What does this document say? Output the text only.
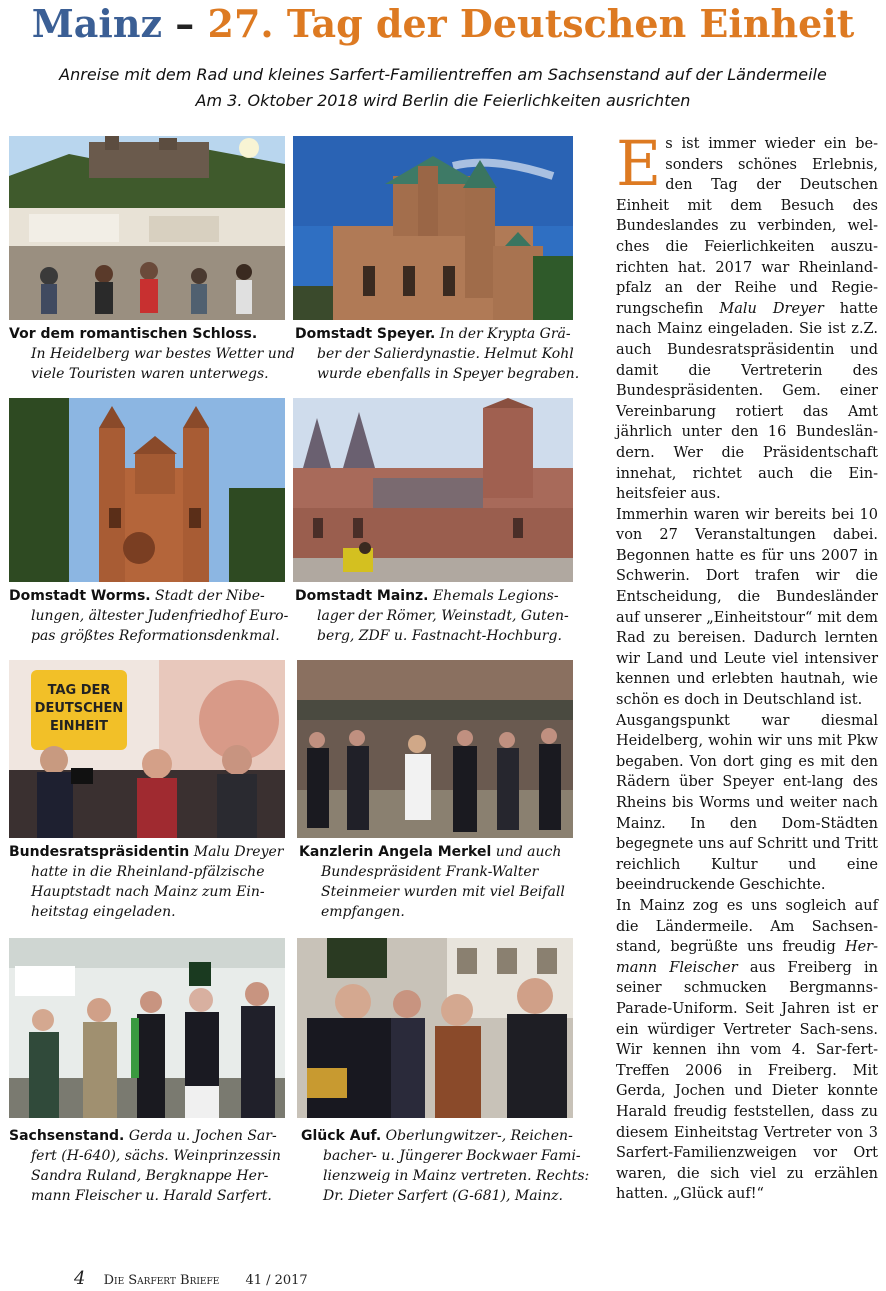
Mainz – 27. Tag der Deutschen Einheit
Anreise mit dem Rad und kleines Sarfert-Familientreffen am Sachsenstand auf der Ländermeile
Am 3. Oktober 2018 wird Berlin die Feierlichkeiten ausrichten
Vor dem romantischen Schloss.
In Heidelberg war bestes Wetter und
viele Touristen waren unterwegs.
Domstadt Speyer. In der Krypta Grä-
ber der Salierdynastie. Helmut Kohl
wurde ebenfalls in Speyer begraben.
Domstadt Worms. Stadt der Nibe-
lungen, ältester Judenfriedhof Euro-
pas größtes Reformationsdenkmal.
Domstadt Mainz. Ehemals Legions-
lager der Römer, Weinstadt, Guten-
berg, ZDF u. Fastnacht-Hochburg.
TAG DER
DEUTSCHEN
EINHEIT
Bundesratspräsidentin Malu Dreyer
hatte in die Rheinland-pfälzische
Hauptstadt nach Mainz zum Ein-
heitstag eingeladen.
Kanzlerin Angela Merkel und auch
Bundespräsident Frank-Walter
Steinmeier wurden mit viel Beifall
empfangen.
Sachsenstand. Gerda u. Jochen Sar-
fert (H-640), sächs. Weinprinzessin
Sandra Ruland, Bergknappe Her-
mann Fleischer u. Harald Sarfert.
Glück Auf. Oberlungwitzer-, Reichen-
bacher- u. Jüngerer Bockwaer Fami-
lienzweig in Mainz vertreten. Rechts:
Dr. Dieter Sarfert (G-681), Mainz.

Es ist immer wieder ein be-sonders schönes Erlebnis, den Tag der Deutschen Einheit mit dem Besuch des Bundeslandes zu verbinden, wel-ches die Feierlichkeiten auszu-richten hat. 2017 war Rheinland-pfalz an der Reihe und Regie-rungschefin Malu Dreyer hatte nach Mainz eingeladen. Sie ist z.Z. auch Bundesratspräsidentin und damit die Vertreterin des Bundespräsidenten. Gem. einer Vereinbarung rotiert das Amt jährlich unter den 16 Bundeslän-dern. Wer die Präsidentschaft innehat, richtet auch die Ein-heitsfeier aus.

Immerhin waren wir bereits bei 10 von 27 Veranstaltungen dabei. Begonnen hatte es für uns 2007 in Schwerin. Dort trafen wir die Entscheidung, die Bundesländer auf unserer „Einheitstour“ mit dem Rad zu bereisen. Dadurch lernten wir Land und Leute viel intensiver kennen und erlebten hautnah, wie schön es doch in Deutschland ist.

Ausgangspunkt war diesmal Heidelberg, wohin wir uns mit Pkw begaben. Von dort ging es mit den Rädern über Speyer ent-lang des Rheins bis Worms und weiter nach Mainz. In den Dom-Städten begegnete uns auf Schritt und Tritt reichlich Kultur und eine beeindruckende Geschichte.

In Mainz zog es uns sogleich auf die Ländermeile. Am Sachsen-stand, begrüßte uns freudig Her-mann Fleischer aus Freiberg in seiner schmucken Bergmanns-Parade-Uniform. Seit Jahren ist er ein würdiger Vertreter Sach-sens. Wir kennen ihn vom 4. Sar-fert-Treffen 2006 in Freiberg. Mit Gerda, Jochen und Dieter konnte Harald freudig feststellen, dass zu diesem Einheitstag Vertreter von 3 Sarfert-Familienzweigen vor Ort waren, die sich viel zu erzählen hatten. „Glück auf!“

4 Die Sarfert Briefe 41 / 2017
